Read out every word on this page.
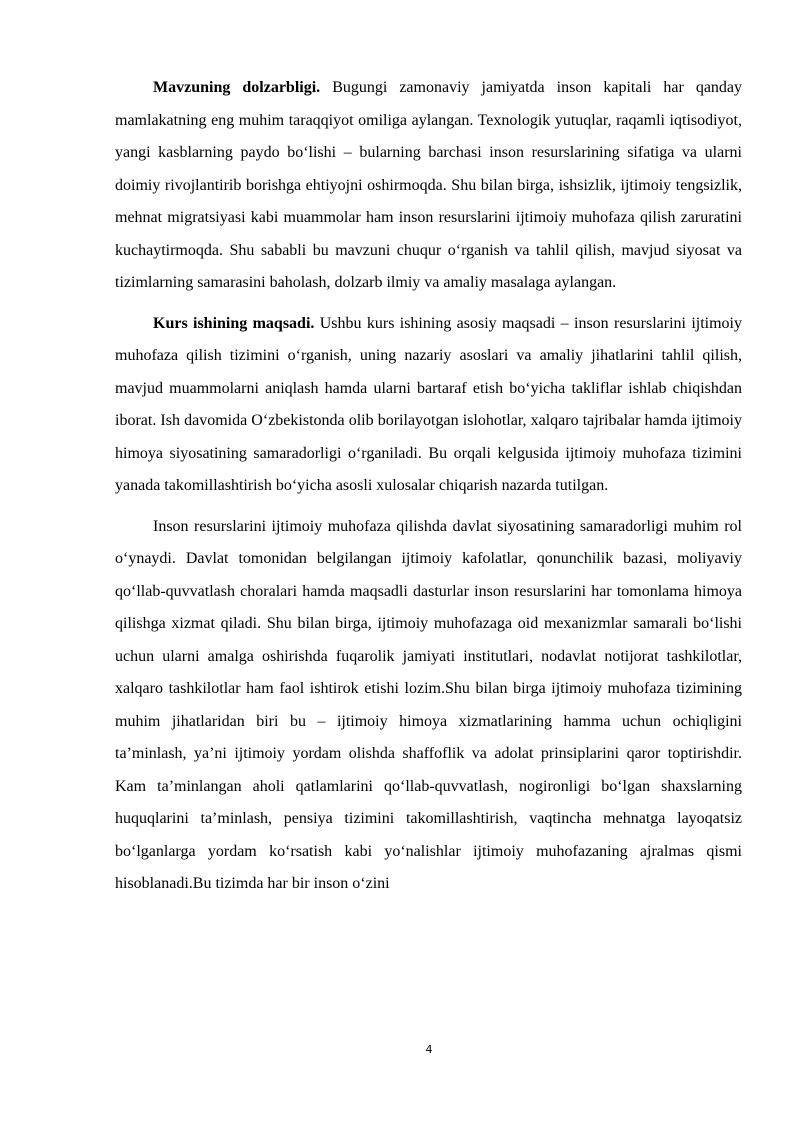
Mavzuning dolzarbligi. Bugungi zamonaviy jamiyatda inson kapitali har qanday mamlakatning eng muhim taraqqiyot omiliga aylangan. Texnologik yutuqlar, raqamli iqtisodiyot, yangi kasblarning paydo bo‘lishi – bularning barchasi inson resurslarining sifatiga va ularni doimiy rivojlantirib borishga ehtiyojni oshirmoqda. Shu bilan birga, ishsizlik, ijtimoiy tengsizlik, mehnat migratsiyasi kabi muammolar ham inson resurslarini ijtimoiy muhofaza qilish zaruratini kuchaytirmoqda. Shu sababli bu mavzuni chuqur o‘rganish va tahlil qilish, mavjud siyosat va tizimlarning samarasini baholash, dolzarb ilmiy va amaliy masalaga aylangan.

Kurs ishining maqsadi. Ushbu kurs ishining asosiy maqsadi – inson resurslarini ijtimoiy muhofaza qilish tizimini o‘rganish, uning nazariy asoslari va amaliy jihatlarini tahlil qilish, mavjud muammolarni aniqlash hamda ularni bartaraf etish bo‘yicha takliflar ishlab chiqishdan iborat. Ish davomida O‘zbekistonda olib borilayotgan islohotlar, xalqaro tajribalar hamda ijtimoiy himoya siyosatining samaradorligi o‘rganiladi. Bu orqali kelgusida ijtimoiy muhofaza tizimini yanada takomillashtirish bo‘yicha asosli xulosalar chiqarish nazarda tutilgan.

Inson resurslarini ijtimoiy muhofaza qilishda davlat siyosatining samaradorligi muhim rol o‘ynaydi. Davlat tomonidan belgilangan ijtimoiy kafolatlar, qonunchilik bazasi, moliyaviy qo‘llab-quvvatlash choralari hamda maqsadli dasturlar inson resurslarini har tomonlama himoya qilishga xizmat qiladi. Shu bilan birga, ijtimoiy muhofazaga oid mexanizmlar samarali bo‘lishi uchun ularni amalga oshirishda fuqarolik jamiyati institutlari, nodavlat notijorat tashkilotlar, xalqaro tashkilotlar ham faol ishtirok etishi lozim.Shu bilan birga ijtimoiy muhofaza tizimining muhim jihatlaridan biri bu – ijtimoiy himoya xizmatlarining hamma uchun ochiqligini ta’minlash, ya’ni ijtimoiy yordam olishda shaffoflik va adolat prinsiplarini qaror toptirishdir. Kam ta’minlangan aholi qatlamlarini qo‘llab-quvvatlash, nogironligi bo‘lgan shaxslarning huquqlarini ta’minlash, pensiya tizimini takomillashtirish, vaqtincha mehnatga layoqatsiz bo‘lganlarga yordam ko‘rsatish kabi yo‘nalishlar ijtimoiy muhofazaning ajralmas qismi hisoblanadi.Bu tizimda har bir inson o‘zini

4
